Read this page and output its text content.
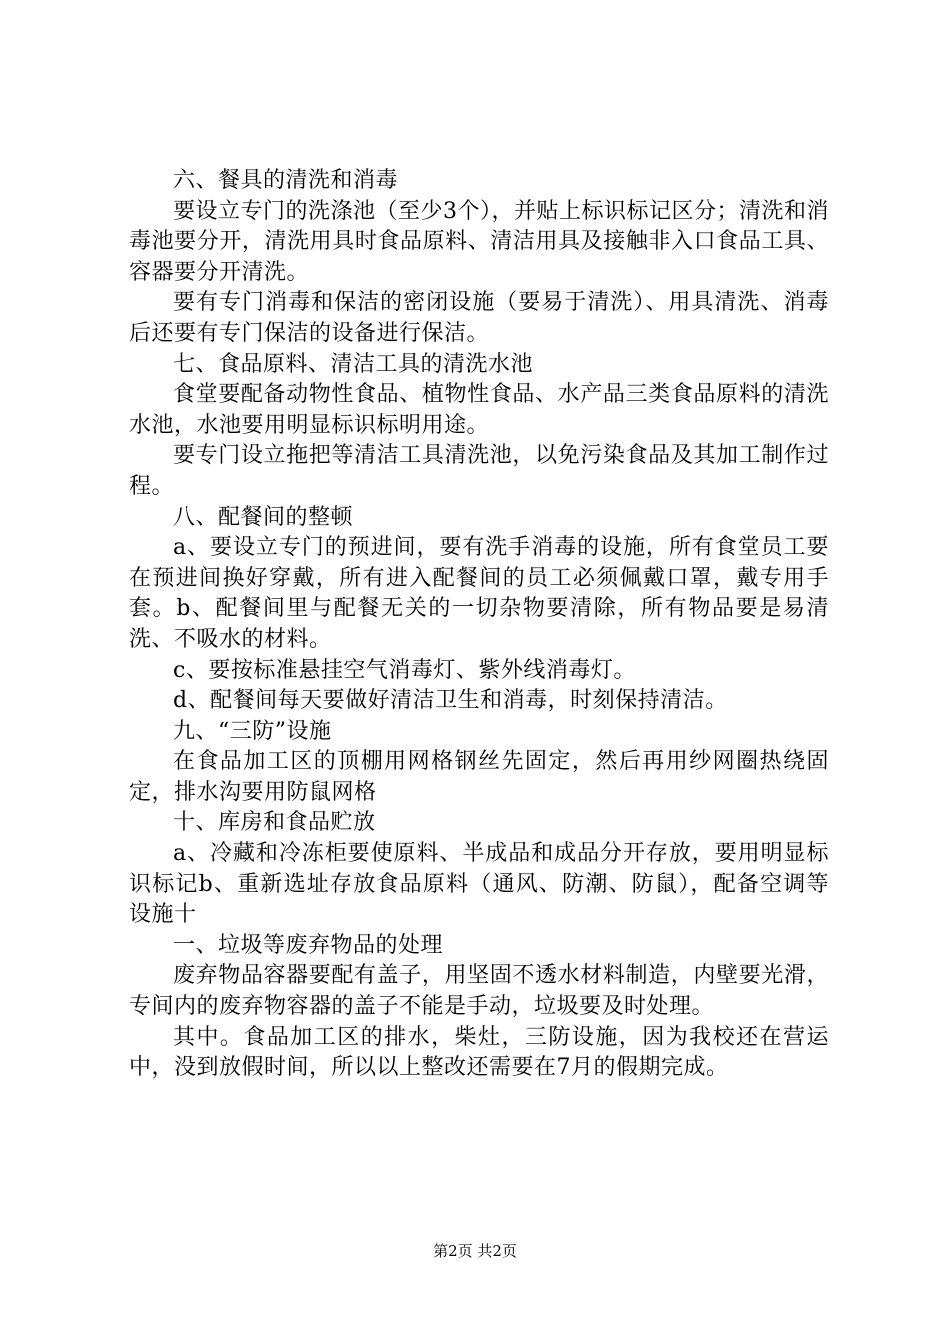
六、餐具的清洗和消毒

要设立专门的洗涤池（至少3个），并贴上标识标记区分；清洗和消毒池要分开，清洗用具时食品原料、清洁用具及接触非入口食品工具、容器要分开清洗。

要有专门消毒和保洁的密闭设施（要易于清洗）、用具清洗、消毒后还要有专门保洁的设备进行保洁。

七、食品原料、清洁工具的清洗水池

食堂要配备动物性食品、植物性食品、水产品三类食品原料的清洗水池，水池要用明显标识标明用途。

要专门设立拖把等清洁工具清洗池，以免污染食品及其加工制作过程。

八、配餐间的整顿

a、要设立专门的预进间，要有洗手消毒的设施，所有食堂员工要在预进间换好穿戴，所有进入配餐间的员工必须佩戴口罩，戴专用手套。b、配餐间里与配餐无关的一切杂物要清除，所有物品要是易清洗、不吸水的材料。

c、要按标准悬挂空气消毒灯、紫外线消毒灯。

d、配餐间每天要做好清洁卫生和消毒，时刻保持清洁。

九、“三防”设施

在食品加工区的顶棚用网格钢丝先固定，然后再用纱网圈热绕固定，排水沟要用防鼠网格

十、库房和食品贮放

a、冷藏和冷冻柜要使原料、半成品和成品分开存放，要用明显标识标记b、重新选址存放食品原料（通风、防潮、防鼠），配备空调等设施十

一、垃圾等废弃物品的处理

废弃物品容器要配有盖子，用坚固不透水材料制造，内壁要光滑，专间内的废弃物容器的盖子不能是手动，垃圾要及时处理。

其中。食品加工区的排水，柴灶，三防设施，因为我校还在营运中，没到放假时间，所以以上整改还需要在7月的假期完成。

第2页 共2页
